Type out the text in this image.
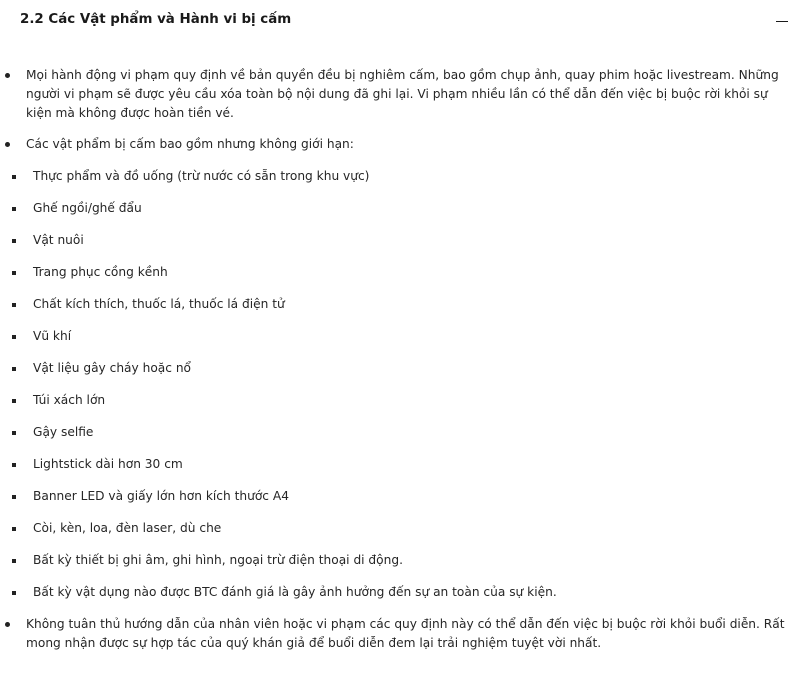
2.2 Các Vật phẩm và Hành vi bị cấm
Mọi hành động vi phạm quy định về bản quyền đều bị nghiêm cấm, bao gồm chụp ảnh, quay phim hoặc livestream. Những người vi phạm sẽ được yêu cầu xóa toàn bộ nội dung đã ghi lại. Vi phạm nhiều lần có thể dẫn đến việc bị buộc rời khỏi sự kiện mà không được hoàn tiền vé.
Các vật phẩm bị cấm bao gồm nhưng không giới hạn:
Thực phẩm và đồ uống (trừ nước có sẵn trong khu vực)
Ghế ngồi/ghế đẩu
Vật nuôi
Trang phục cồng kềnh
Chất kích thích, thuốc lá, thuốc lá điện tử
Vũ khí
Vật liệu gây cháy hoặc nổ
Túi xách lớn
Gậy selfie
Lightstick dài hơn 30 cm
Banner LED và giấy lớn hơn kích thước A4
Còi, kèn, loa, đèn laser, dù che
Bất kỳ thiết bị ghi âm, ghi hình, ngoại trừ điện thoại di động.
Bất kỳ vật dụng nào được BTC đánh giá là gây ảnh hưởng đến sự an toàn của sự kiện.
Không tuân thủ hướng dẫn của nhân viên hoặc vi phạm các quy định này có thể dẫn đến việc bị buộc rời khỏi buổi diễn. Rất mong nhận được sự hợp tác của quý khán giả để buổi diễn đem lại trải nghiệm tuyệt vời nhất.
